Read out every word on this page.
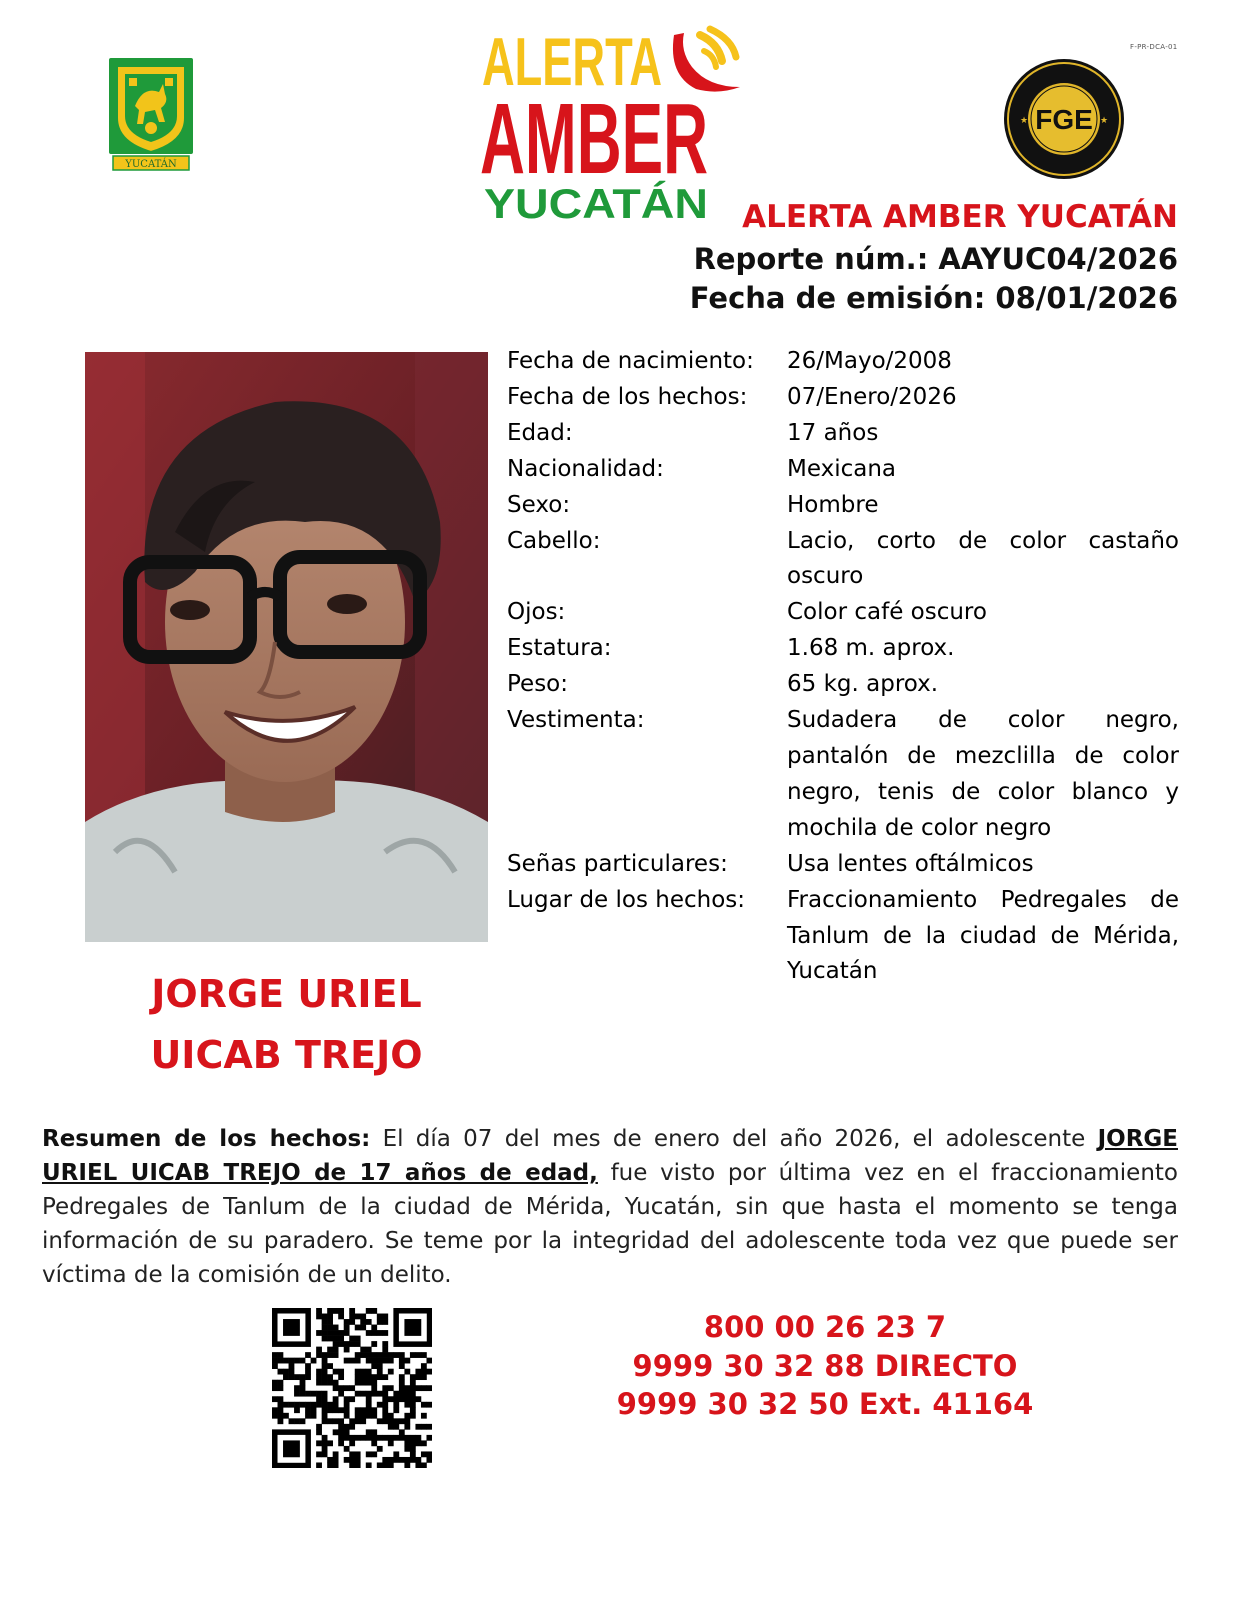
F-PR-DCA-01
YUCATÁN
ALERTA
AMBER
YUCATÁN
FGE
★	★
ALERTA AMBER YUCATÁN
Reporte núm.: AAYUC04/2026
Fecha de emisión: 08/01/2026
JORGE URIEL
UICAB TREJO
Fecha de nacimiento:	26/Mayo/2008
Fecha de los hechos:	07/Enero/2026
Edad:	17 años
Nacionalidad:	Mexicana
Sexo:	Hombre
Cabello:	Lacio, corto de color castaño oscuro
Ojos:	Color café oscuro
Estatura:	1.68 m. aprox.
Peso:	65 kg. aprox.
Vestimenta:	Sudadera de color negro, pantalón de mezclilla de color negro, tenis de color blanco y mochila de color negro
Señas particulares:	Usa lentes oftálmicos
Lugar de los hechos:	Fraccionamiento Pedregales de Tanlum de la ciudad de Mérida, Yucatán
Resumen de los hechos: El día 07 del mes de enero del año 2026, el adolescente JORGE URIEL UICAB TREJO de 17 años de edad, fue visto por última vez en el fraccionamiento Pedregales de Tanlum de la ciudad de Mérida, Yucatán, sin que hasta el momento se tenga información de su paradero. Se teme por la integridad del adolescente toda vez que puede ser víctima de la comisión de un delito.
800 00 26 23 7
9999 30 32 88 DIRECTO
9999 30 32 50 Ext. 41164
